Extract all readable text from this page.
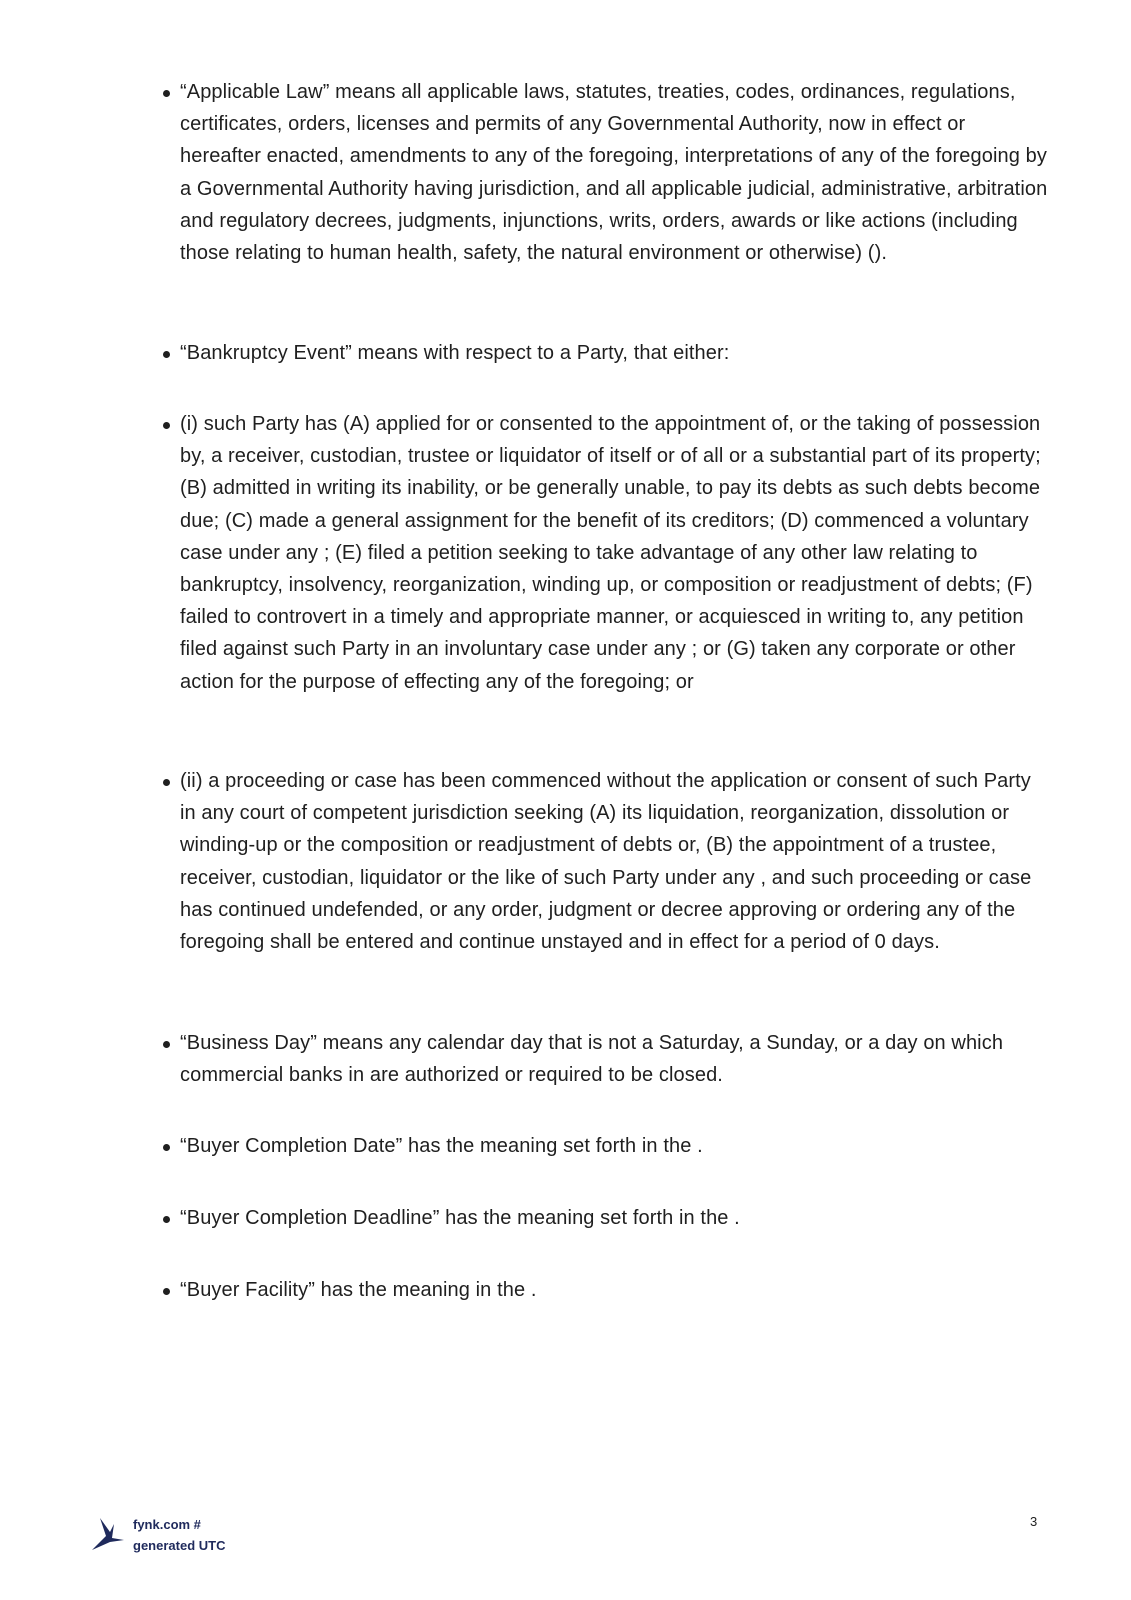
“Applicable Law” means all applicable laws, statutes, treaties, codes, ordinances, regulations, certificates, orders, licenses and permits of any Governmental Authority, now in effect or hereafter enacted, amendments to any of the foregoing, interpretations of any of the foregoing by a Governmental Authority having jurisdiction, and all applicable judicial, administrative, arbitration and regulatory decrees, judgments, injunctions, writs, orders, awards or like actions (including those relating to human health, safety, the natural environment or otherwise) ().
“Bankruptcy Event” means with respect to a Party, that either:
(i) such Party has (A) applied for or consented to the appointment of, or the taking of possession by, a receiver, custodian, trustee or liquidator of itself or of all or a substantial part of its property; (B) admitted in writing its inability, or be generally unable, to pay its debts as such debts become due; (C) made a general assignment for the benefit of its creditors; (D) commenced a voluntary case under any ; (E) filed a petition seeking to take advantage of any other law relating to bankruptcy, insolvency, reorganization, winding up, or composition or readjustment of debts; (F) failed to controvert in a timely and appropriate manner, or acquiesced in writing to, any petition filed against such Party in an involuntary case under any ; or (G) taken any corporate or other action for the purpose of effecting any of the foregoing; or
(ii) a proceeding or case has been commenced without the application or consent of such Party in any court of competent jurisdiction seeking (A) its liquidation, reorganization, dissolution or winding-up or the composition or readjustment of debts or, (B) the appointment of a trustee, receiver, custodian, liquidator or the like of such Party under any , and such proceeding or case has continued undefended, or any order, judgment or decree approving or ordering any of the foregoing shall be entered and continue unstayed and in effect for a period of 0 days.
“Business Day” means any calendar day that is not a Saturday, a Sunday, or a day on which commercial banks in are authorized or required to be closed.
“Buyer Completion Date” has the meaning set forth in the .
“Buyer Completion Deadline” has the meaning set forth in the .
“Buyer Facility” has the meaning in the .
fynk.com #
generated UTC
3
